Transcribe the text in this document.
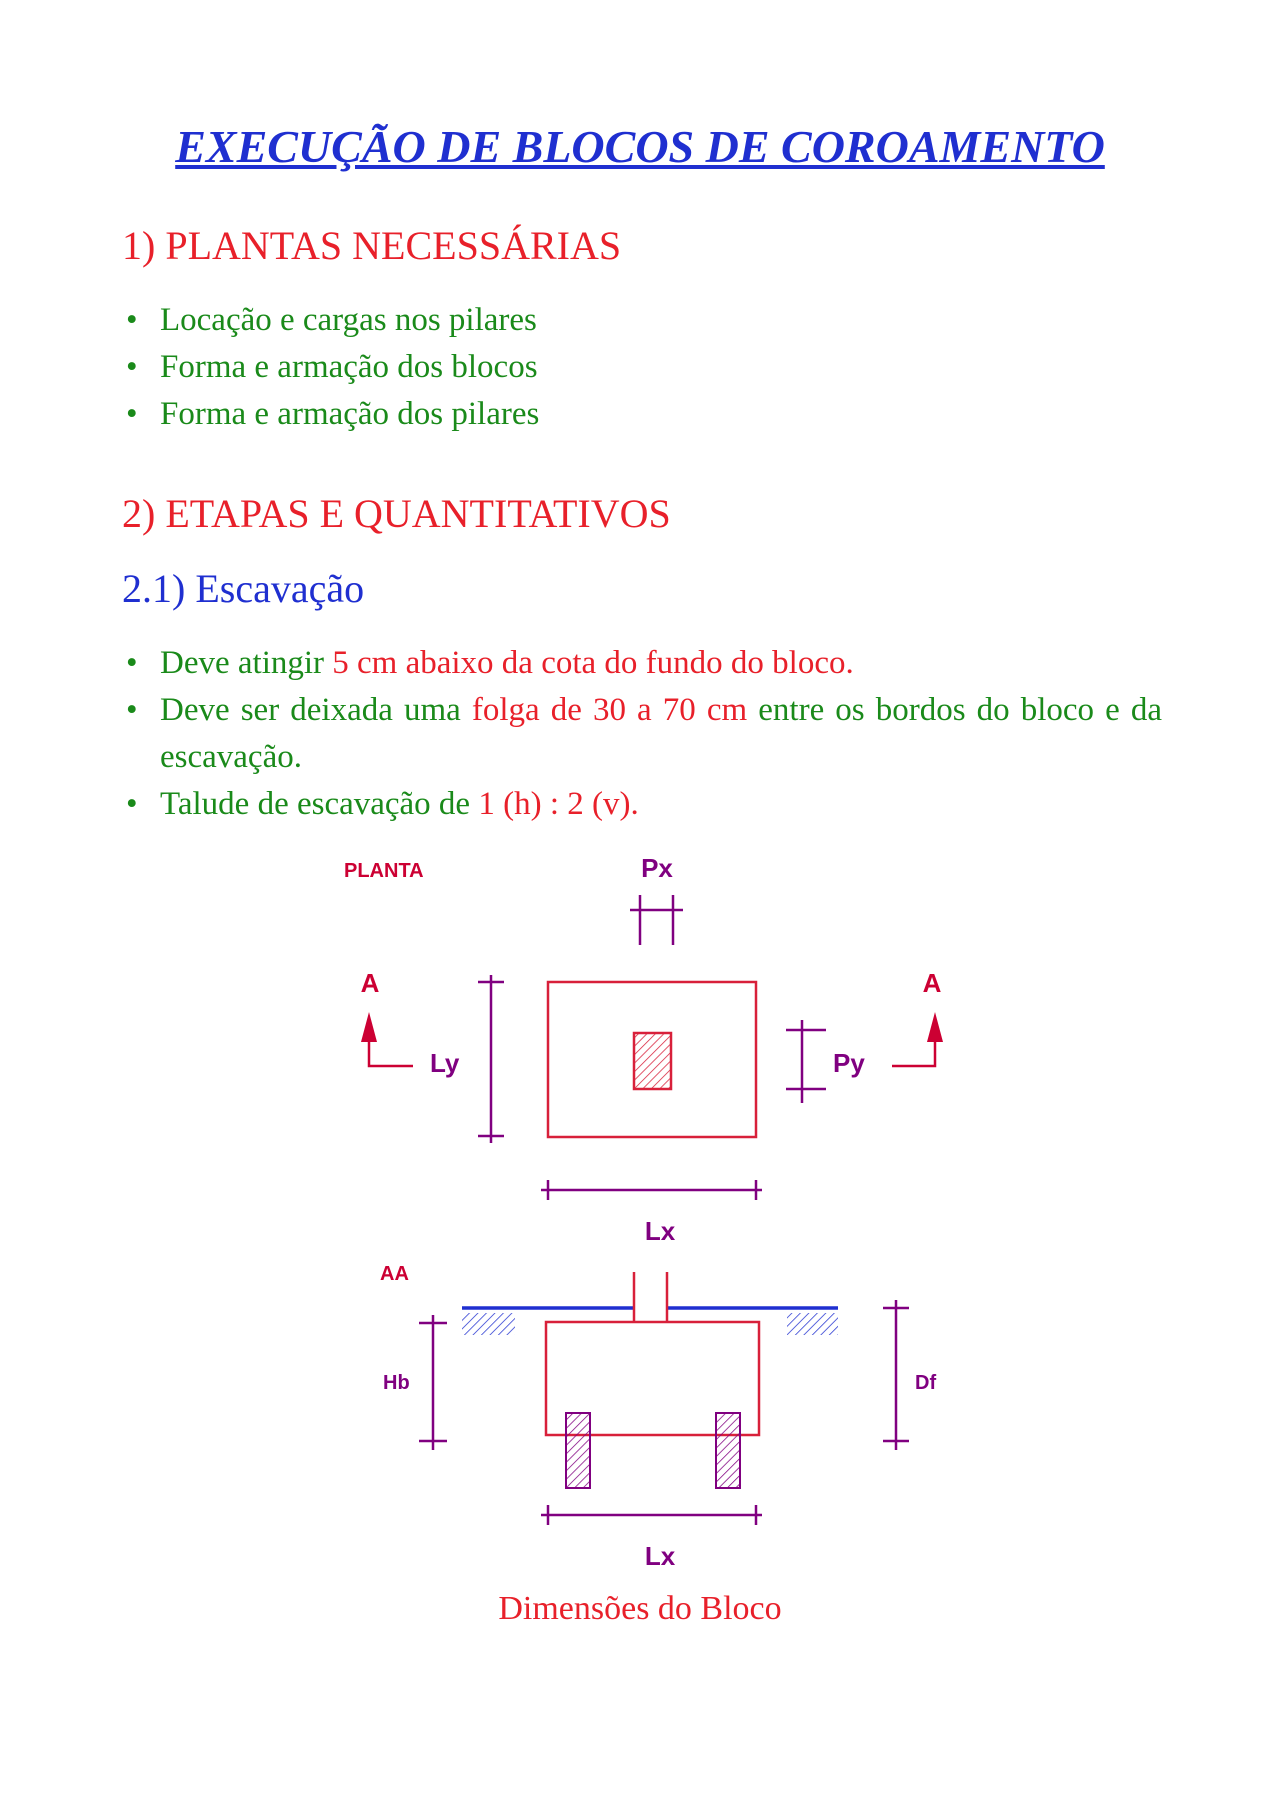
EXECUÇÃO DE BLOCOS DE COROAMENTO
1) PLANTAS NECESSÁRIAS
• Locação e cargas nos pilares
• Forma e armação dos blocos
• Forma e armação dos pilares
2) ETAPAS E QUANTITATIVOS
2.1) Escavação
• Deve atingir 5 cm abaixo da cota do fundo do bloco.
• Deve ser deixada uma folga de 30 a 70 cm entre os bordos do bloco e da escavação.
• Talude de escavação de 1 (h) : 2 (v).
PLANTA	Px
A	A
Ly	Py
Lx
AA
Hb	Df
Lx

Dimensões do Bloco
